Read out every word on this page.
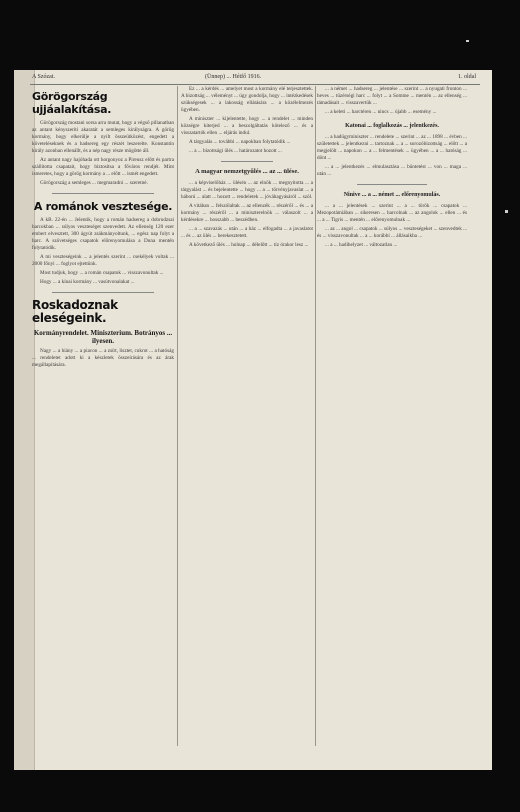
A Szózat.	(Ünnep) ... Hétfő 1916.	1. oldal
Görögország ujjáalakítása.

Görögország mostani sorsa arra mutat, hogy a végső pillanatban az antant kényszeríti akaratát a semleges királyságra. A görög kormány, hogy elkerülje a nyílt összeütközést, engedett a követeléseknek és a hadsereg egy részét leszerelte. Konstantin király azonban ellenállt, és a nép nagy része mögötte áll.

Az antant nagy hajóhada ott horgonyoz a Pireusz előtt és partra szállította csapatait, hogy biztosítsa a főváros rendjét. Mint ismeretes, hogy a görög kormány a ... előtt ... ismét engedett.

Görögország a semleges ... megmaradni ... szeretné.

A románok vesztesége.

A kB. 22-én ... Jelentik, hogy a román hadsereg a dobrudzsai harcokban ... súlyos veszteséget szenvedett. Az ellenség 120 ezer embert elvesztett, 300 ágyút zsákmányoltunk, ... egész nap folyt a harc. A szövetséges csapatok előrenyomulása a Duna mentén folytatódik.

A mi veszteségeink ... a jelentés szerint ... csekélyek voltak ... 2000 főnyi ... foglyot ejtettünk.

Most tudjuk, hogy ... a román csapatok ... visszavonultak ...

Hogy ... a kínai kormány ... vasútvonalakat ...

Roskadoznak eleségeink.
Kormányrendelet. Miniszterium. Botrányos ... ilyesen.

Nagy ... a hiány ... a piacon ... a zsírt, lisztet, cukrot ... a hatóság ... rendeletet adott ki a készletek összeírására és az árak megállapítására.

Ez ... a kérdés ... amelyet most a kormány elé terjesztettek. A bizottság ... véleményt ... úgy gondolja, hogy ... intézkedések szükségesek ... a lakosság ellátására ... a közélelmezés ügyében.

A miniszter ... kijelentette, hogy ... a rendelet ... minden községre kiterjed ... a beszolgáltatás kötelező ... és a visszatartók ellen ... eljárás indul.

A tárgyalás ... további ... napokban folytatódik ...

... a ... bizottsági ülés ... határozatot hozott ...

A magyar nemzetgyűlés ... az ... ülése.

... a képviselőház ... ülésén ... az elnök ... megnyitotta ... a tárgyalást ... és bejelentette ... hogy ... a ... törvényjavaslat ... a háború ... alatt ... hozott ... rendeletek ... jóváhagyásáról ... szól.

A vitában ... felszólaltak ... az ellenzék ... részéről ... és ... a kormány ... részéről ... a miniszterelnök ... válaszolt ... a kérdésekre ... hosszabb ... beszédben.

... a ... szavazás ... után ... a ház ... elfogadta ... a javaslatot ... és ... az ülés ... berekesztetett.

A következő ülés ... holnap ... délelőtt ... tíz órakor lesz ...

... a német ... hadsereg ... jelentése ... szerint ... a nyugati fronton ... heves ... tüzérségi harc ... folyt ... a Somme ... mentén ... az ellenség ... támadásait ... visszavertük ...

... a keleti ... harctéren ... nincs ... újabb ... esemény ...

Katonai ... foglalkozás ... jelentkezés.

... a hadügyminiszter ... rendelete ... szerint ... az ... 1898 ... évben ... születettek ... jelentkezni ... tartoznak ... a ... sorozóbizottság ... előtt ... a megjelölt ... napokon ... a ... felmentések ... ügyében ... a ... hatóság ... dönt ...

... a ... jelentkezés ... elmulasztása ... büntetést ... von ... maga ... után ...

Ninive ... a ... német ... előrenyomulás.

... a ... jelentések ... szerint ... a ... török ... csapatok ... Mezopotámiában ... sikeresen ... harcolnak ... az angolok ... ellen ... és ... a ... Tigris ... mentén ... előrenyomulnak ...

... az ... angol ... csapatok ... súlyos ... veszteségeket ... szenvedtek ... és ... visszavonultak ... a ... korábbi ... állásaikba ...

... a ... hadihelyzet ... változatlan ...
